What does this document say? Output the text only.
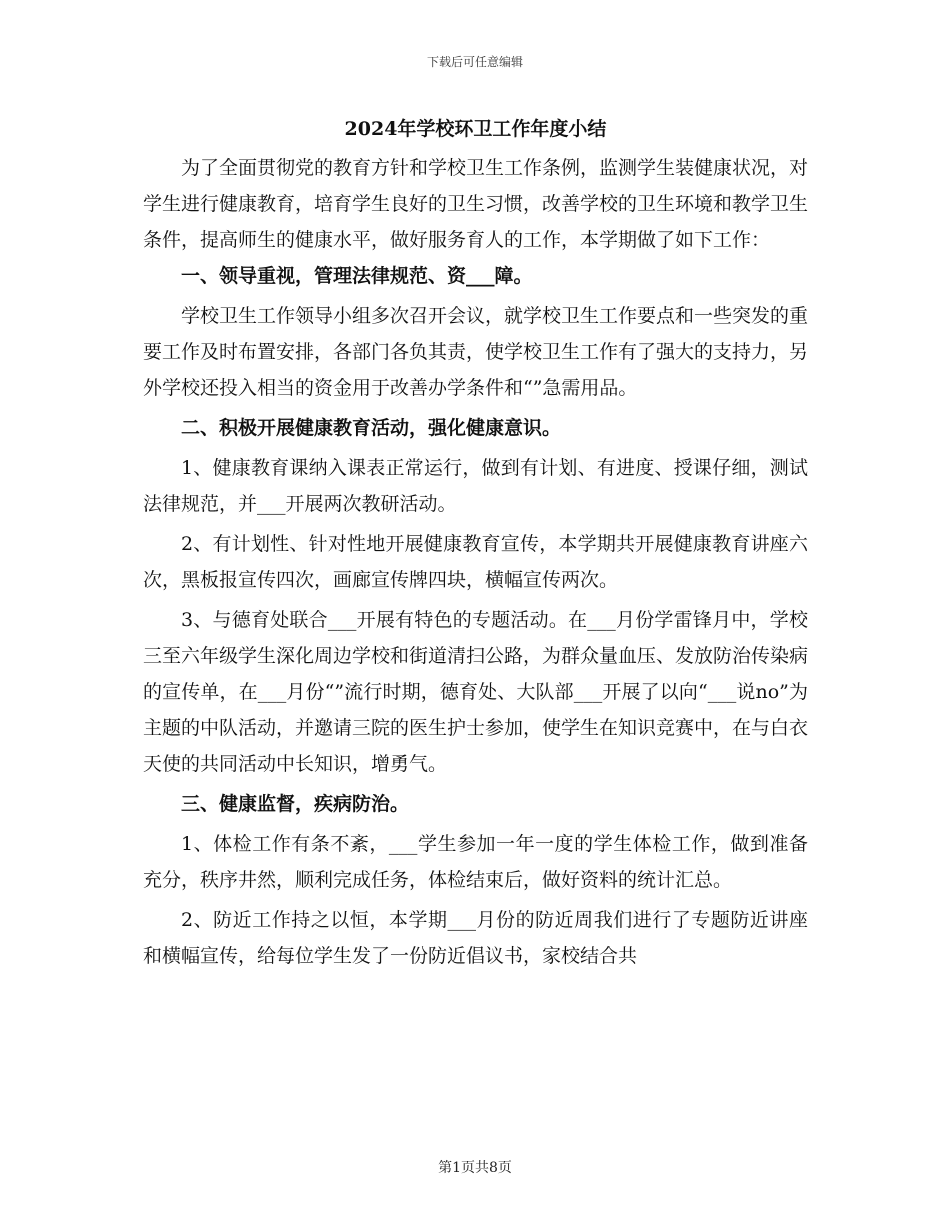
下载后可任意编辑
2024年学校环卫工作年度小结

为了全面贯彻党的教育方针和学校卫生工作条例，监测学生装健康状况，对学生进行健康教育，培育学生良好的卫生习惯，改善学校的卫生环境和教学卫生条件，提高师生的健康水平，做好服务育人的工作，本学期做了如下工作：

一、领导重视，管理法律规范、资___障。

学校卫生工作领导小组多次召开会议，就学校卫生工作要点和一些突发的重要工作及时布置安排，各部门各负其责，使学校卫生工作有了强大的支持力，另外学校还投入相当的资金用于改善办学条件和“”急需用品。

二、积极开展健康教育活动，强化健康意识。

1、健康教育课纳入课表正常运行，做到有计划、有进度、授课仔细，测试法律规范，并___开展两次教研活动。

2、有计划性、针对性地开展健康教育宣传，本学期共开展健康教育讲座六次，黑板报宣传四次，画廊宣传牌四块，横幅宣传两次。

3、与德育处联合___开展有特色的专题活动。在___月份学雷锋月中，学校三至六年级学生深化周边学校和街道清扫公路，为群众量血压、发放防治传染病的宣传单，在___月份“”流行时期，德育处、大队部___开展了以向“___说no”为主题的中队活动，并邀请三院的医生护士参加，使学生在知识竞赛中，在与白衣天使的共同活动中长知识，增勇气。

三、健康监督，疾病防治。

1、体检工作有条不紊，___学生参加一年一度的学生体检工作，做到准备充分，秩序井然，顺利完成任务，体检结束后，做好资料的统计汇总。

2、防近工作持之以恒，本学期___月份的防近周我们进行了专题防近讲座和横幅宣传，给每位学生发了一份防近倡议书，家校结合共

第1页共8页
